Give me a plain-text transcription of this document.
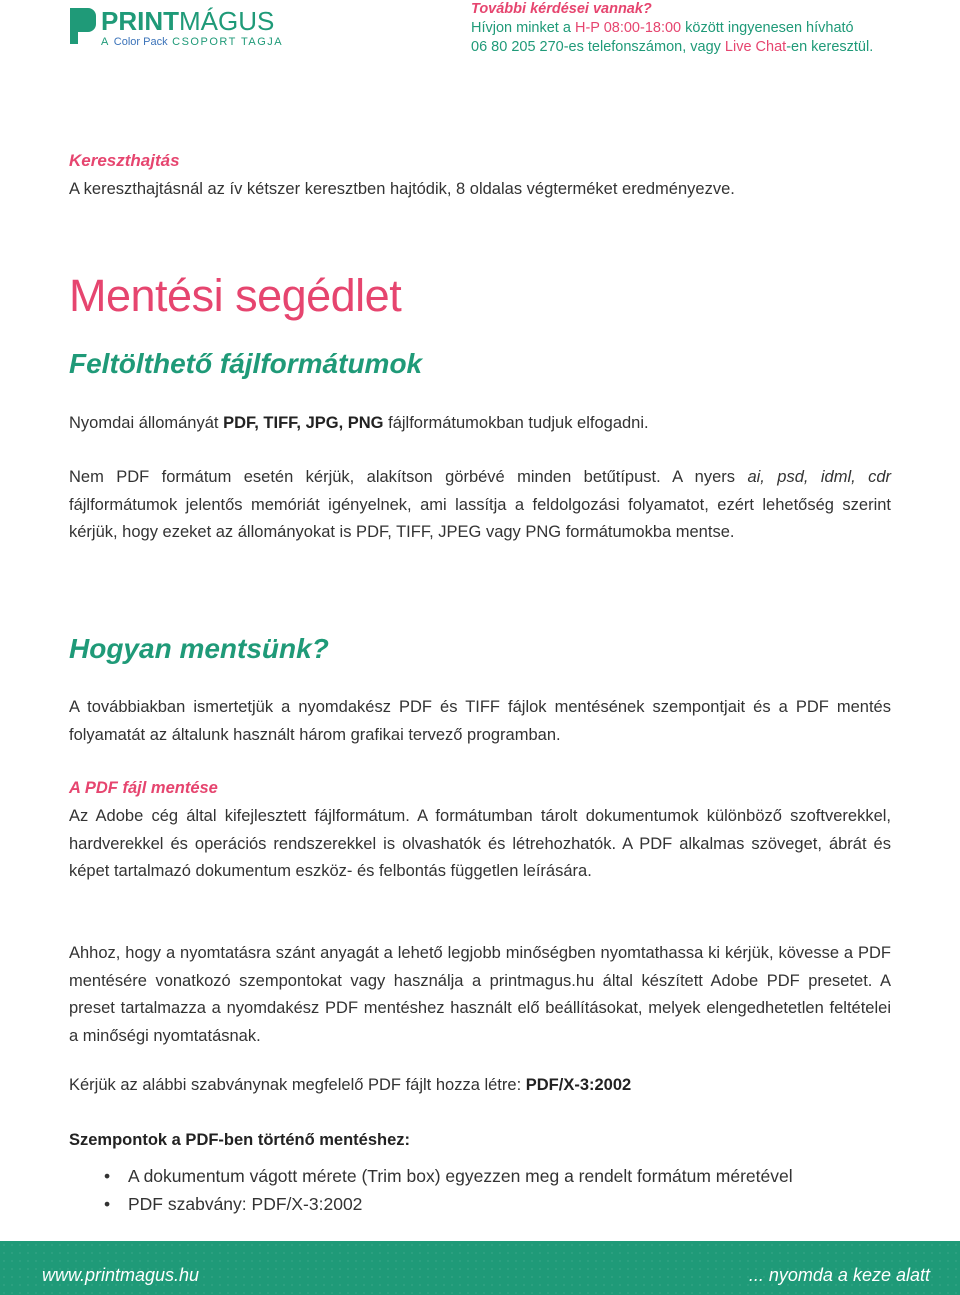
PRINTMÁGUS
A Color Pack CSOPORT TAGJA
További kérdései vannak?
Hívjon minket a H-P 08:00-18:00 között ingyenesen hívható
06 80 205 270-es telefonszámon, vagy Live Chat-en keresztül.
Kereszthajtás

A kereszthajtásnál az ív kétszer keresztben hajtódik, 8 oldalas végterméket eredményezve.

Mentési segédlet
Feltölthető fájlformátumok

Nyomdai állományát PDF, TIFF, JPG, PNG fájlformátumokban tudjuk elfogadni.

Nem PDF formátum esetén kérjük, alakítson görbévé minden betűtípust. A nyers ai, psd, idml, cdr fájlformátumok jelentős memóriát igényelnek, ami lassítja a feldolgozási folyamatot, ezért lehetőség szerint kérjük, hogy ezeket az állományokat is PDF, TIFF, JPEG vagy PNG formátumokba mentse.

Hogyan mentsünk?

A továbbiakban ismertetjük a nyomdakész PDF és TIFF fájlok mentésének szempontjait és a PDF mentés folyamatát az általunk használt három grafikai tervező programban.

A PDF fájl mentése

Az Adobe cég által kifejlesztett fájlformátum. A formátumban tárolt dokumentumok különböző szoftverekkel, hardverekkel és operációs rendszerekkel is olvashatók és létrehozhatók. A PDF alkalmas szöveget, ábrát és képet tartalmazó dokumentum eszköz- és felbontás független leírására.

Ahhoz, hogy a nyomtatásra szánt anyagát a lehető legjobb minőségben nyomtathassa ki kérjük, kövesse a PDF mentésére vonatkozó szempontokat vagy használja a printmagus.hu által készített Adobe PDF presetet. A preset tartalmazza a nyomdakész PDF mentéshez használt elő beállításokat, melyek elengedhetetlen feltételei a minőségi nyomtatásnak.

Kérjük az alábbi szabványnak megfelelő PDF fájlt hozza létre: PDF/X-3:2002

Szempontok a PDF-ben történő mentéshez:

• A dokumentum vágott mérete (Trim box) egyezzen meg a rendelt formátum méretével
• PDF szabvány: PDF/X-3:2002
www.printmagus.hu	... nyomda a keze alatt
